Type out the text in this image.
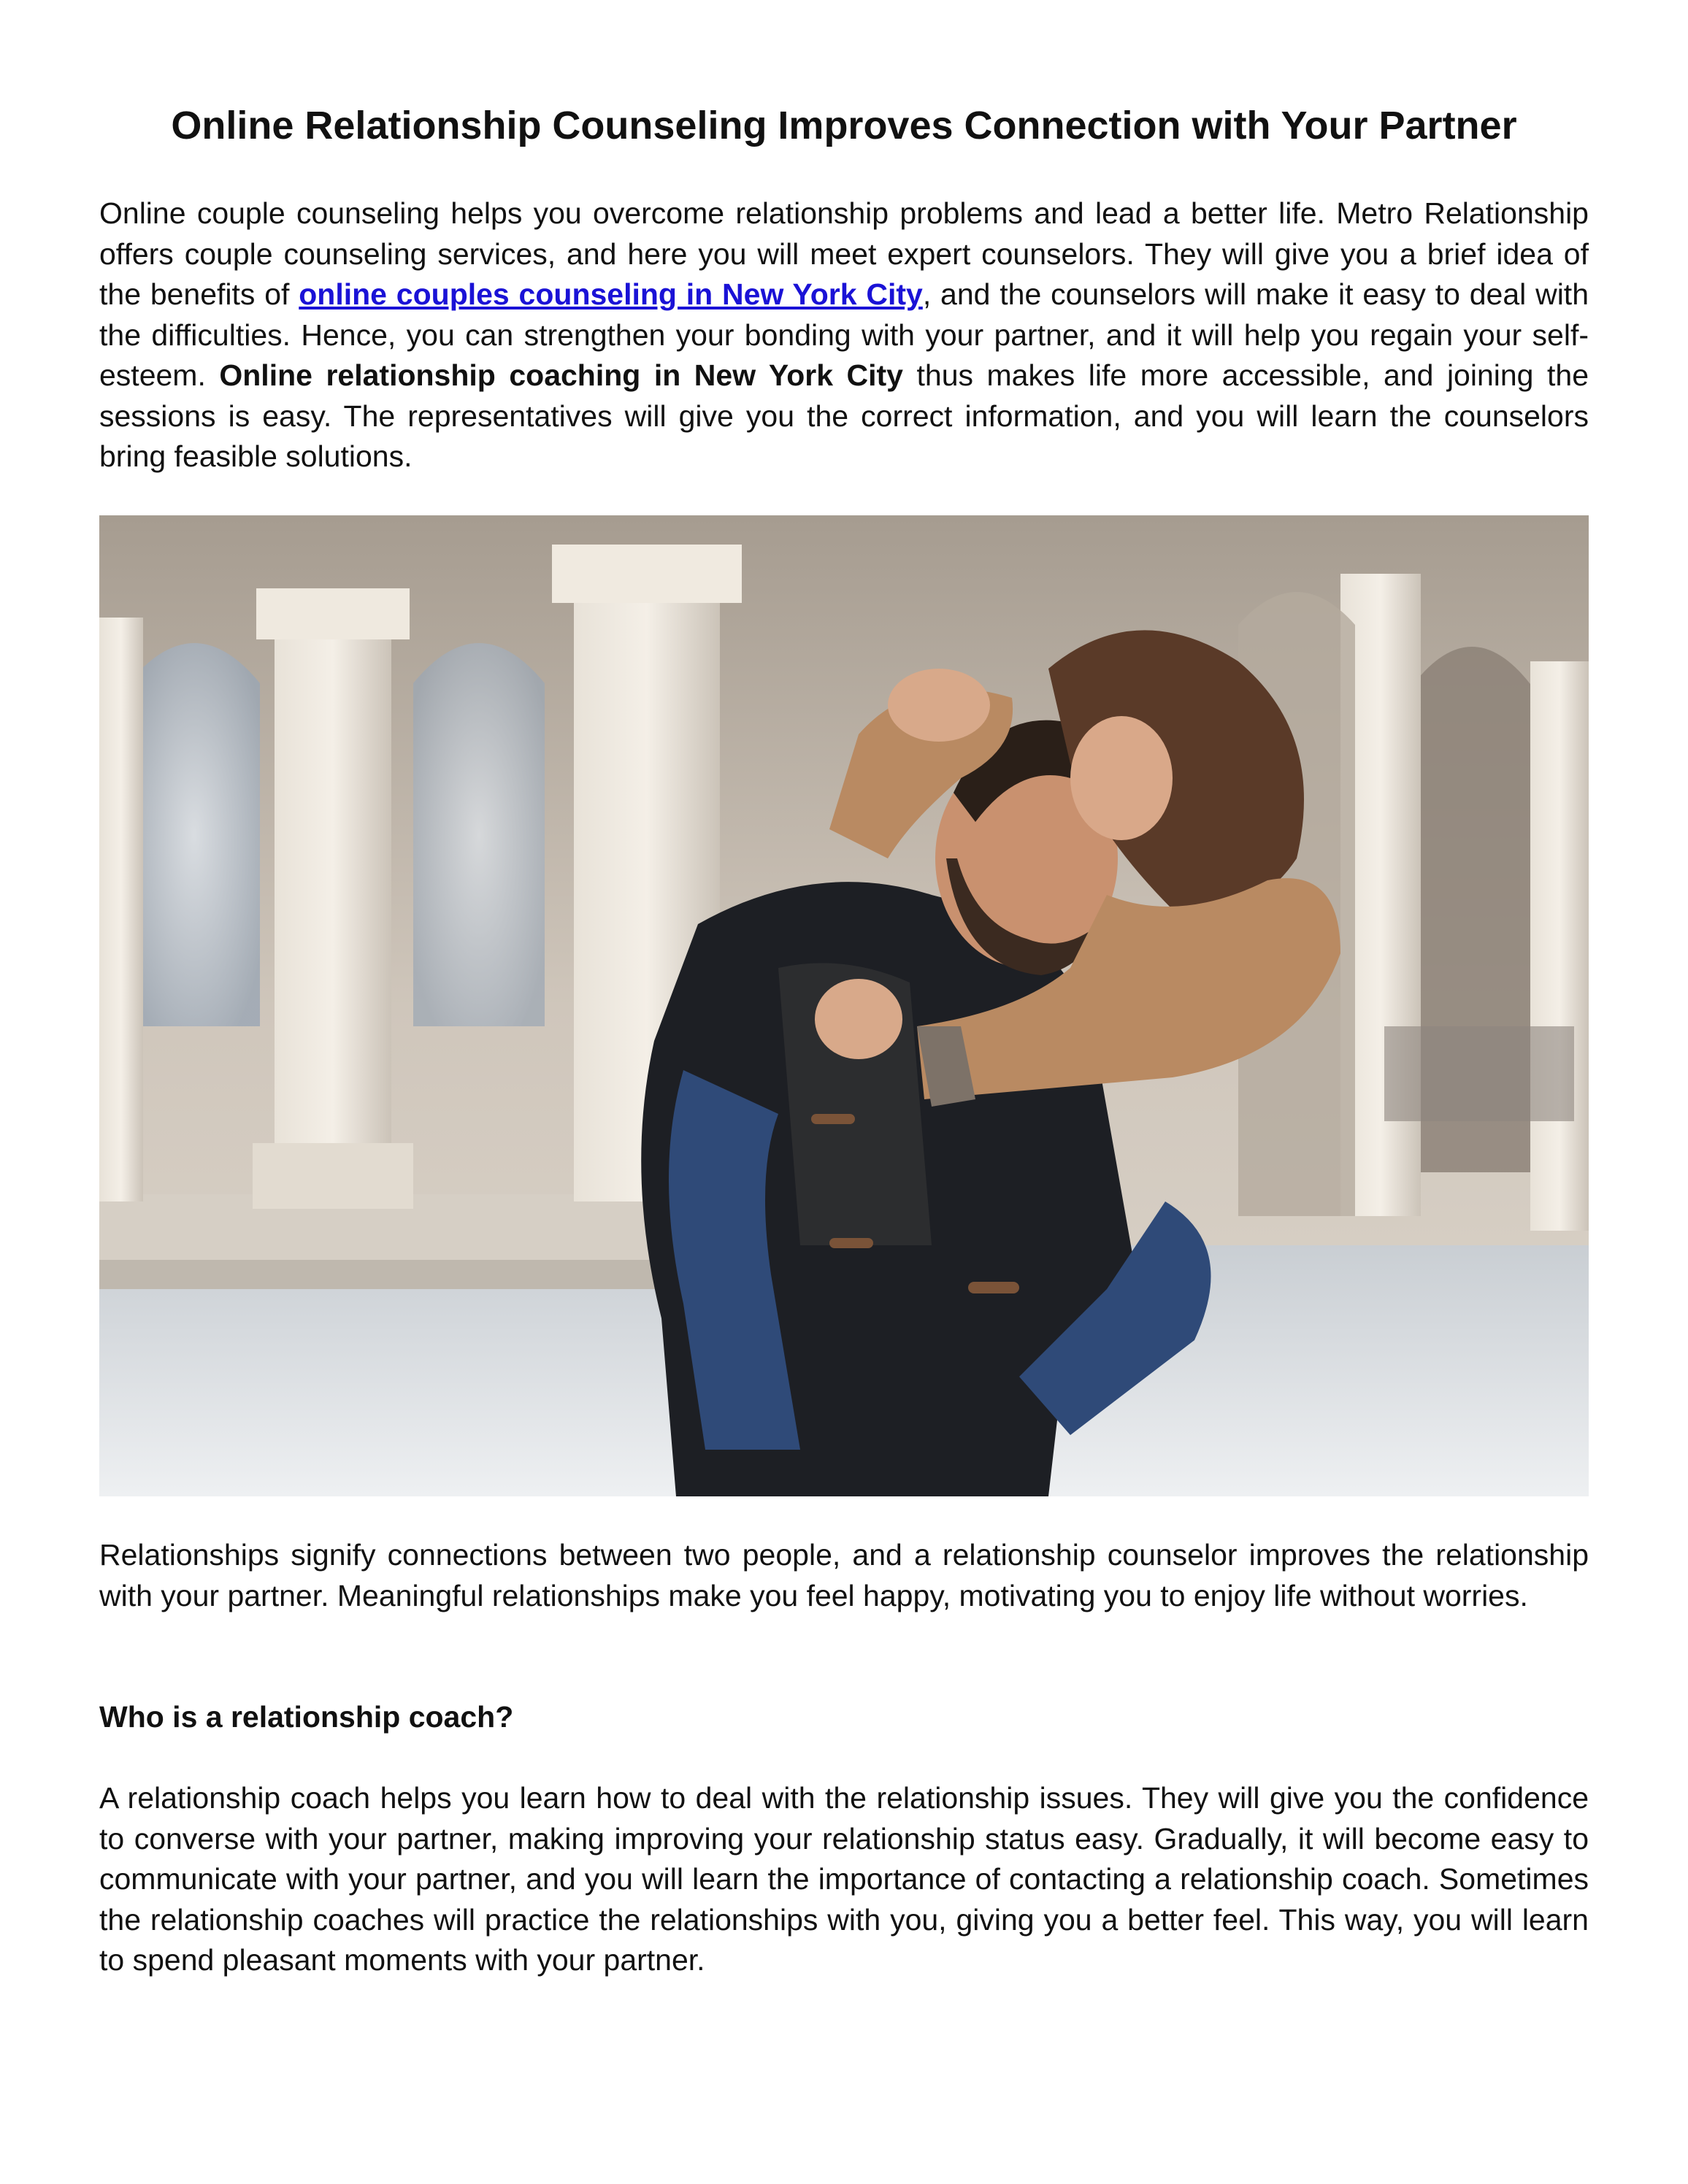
Online Relationship Counseling Improves Connection with Your Partner

Online couple counseling helps you overcome relationship problems and lead a better life. Metro Relationship offers couple counseling services, and here you will meet expert counselors. They will give you a brief idea of the benefits of online couples counseling in New York City, and the counselors will make it easy to deal with the difficulties. Hence, you can strengthen your bonding with your partner, and it will help you regain your self-esteem. Online relationship coaching in New York City thus makes life more accessible, and joining the sessions is easy. The representatives will give you the correct information, and you will learn the counselors bring feasible solutions.

Relationships signify connections between two people, and a relationship counselor improves the relationship with your partner. Meaningful relationships make you feel happy, motivating you to enjoy life without worries.

Who is a relationship coach?

A relationship coach helps you learn how to deal with the relationship issues. They will give you the confidence to converse with your partner, making improving your relationship status easy. Gradually, it will become easy to communicate with your partner, and you will learn the importance of contacting a relationship coach. Sometimes the relationship coaches will practice the relationships with you, giving you a better feel. This way, you will learn to spend pleasant moments with your partner.
